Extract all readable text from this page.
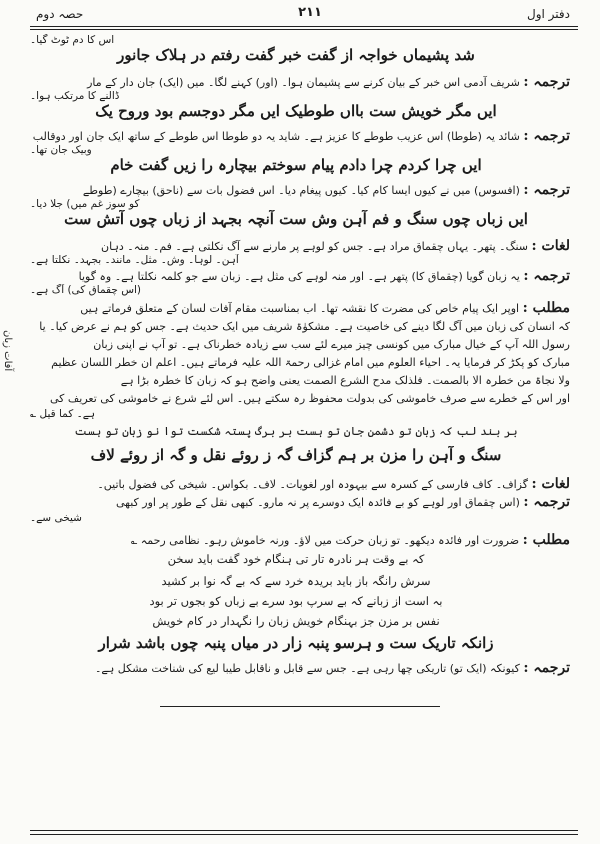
دفتر اول
۲۱۱
حصہ دوم
آفات زبان
اس کا دم ٹوٹ گیا۔
شد پشیماں خواجہ از گفت خبر گفت رفتم در ہلاک جانور
ترجمہ : شریف آدمی اس خبر کے بیان کرنے سے پشیمان ہوا۔ (اور) کہنے لگا۔ میں (ایک) جان دار کے مار
ڈالنے کا مرتکب ہوا۔
ایں مگر خویش ست بااں طوطیک ایں مگر دوجسم بود وروح یک
ترجمہ : شائد یہ (طوطا) اس عزیب طوطے کا عزیز ہے۔ شاید یہ دو طوطا اس طوطے کے ساتھ ایک جان اور دوقالب
وبیک جان تھا۔
ایں چرا کردم چرا دادم پیام سوختم بیچارہ را زیں گفت خام
ترجمہ : (افسوس) میں نے کیوں ایسا کام کیا۔ کیوں پیغام دیا۔ اس فضول بات سے (ناحق) بیچارے (طوطے
کو سوز غم میں) جلا دیا۔
ایں زباں چوں سنگ و فم آہن وش ست آنچہ بجہد از زباں چوں آتش ست
لغات : سنگ۔ پتھر۔ یہاں چقماق مراد ہے۔ جس کو لوہے پر مارنے سے آگ نکلتی ہے۔ فم۔ منہ۔ دہان
آہن۔ لوہا۔ وش۔ مثل۔ مانند۔ بجہد۔ نکلتا ہے۔
ترجمہ : یہ زبان گویا (چقماق کا) پتھر ہے۔ اور منہ لوہے کی مثل ہے۔ زبان سے جو کلمہ نکلتا ہے۔ وہ گویا
(اس چقماق کی) آگ ہے۔
مطلب : اوپر ایک پیام خاص کی مضرت کا نقشہ تھا۔ اب بمناسبت مقام آفات لسان کے متعلق فرماتے ہیں
کہ انسان کی زبان میں آگ لگا دینے کی خاصیت ہے۔ مشکوٰۃ شریف میں ایک حدیث ہے۔ جس کو ہم نے عرض کیا۔ یا
رسول اللہ آپ کے خیال مبارک میں کونسی چیز میرے لئے سب سے زیادہ خطرناک ہے۔ تو آپ نے اپنی زبان
مبارک کو پکڑ کر فرمایا یہ۔ احیاء العلوم میں امام غزالی رحمۃ اللہ علیہ فرماتے ہیں۔ اعلم ان خطر اللسان عظیم
ولا نجاۃ من خطرہ الا بالصمت۔ فلذلک مدح الشرع الصمت یعنی واضح ہو کہ زبان کا خطرہ بڑا ہے
اور اس کے خطرے سے صرف خاموشی کی بدولت محفوظ رہ سکتے ہیں۔ اس لئے شرع نے خاموشی کی تعریف کی
ہے۔ کما قیل ؎
بر بند لب کہ زبان تو دشمن جان تو ہست بر برگ پستہ شکست توا نو زبان تو ہست
سنگ و آہن را مزن بر ہم گزاف گہ ز روئے نقل و گہ از روئے لاف
لغات : گزاف۔ کاف فارسی کے کسرہ سے بیہودہ اور لغویات۔ لاف۔ بکواس۔ شیخی کی فضول باتیں۔
ترجمہ : (اس چقماق اور لوہے کو بے فائدہ ایک دوسرے پر نہ مارو۔ کبھی نقل کے طور پر اور کبھی
شیخی سے۔
مطلب : ضرورت اور فائدہ دیکھو۔ تو زبان حرکت میں لاؤ۔ ورنہ خاموش رہو۔ نظامی رحمہ ؎
کہ بے وقت ہر نادرہ تار تی ہنگام خود گفت باید سخن
سرش رانگہ باز باید بریدہ خرد سے کہ بے گہ نوا بر کشید
بہ است از زبانے کہ بے سرپ بود سرے بے زباں کو بجوں تر بود
نفس بر مزن جز بہنگام خویش زبان را نگہدار در کام خویش
زانکہ تاریک ست و ہرسو پنبہ زار در میاں پنبہ چوں باشد شرار
ترجمہ : کیونکہ (ایک تو) تاریکی چھا رہی ہے۔ جس سے قابل و ناقابل طیبا لیع کی شناخت مشکل ہے۔
